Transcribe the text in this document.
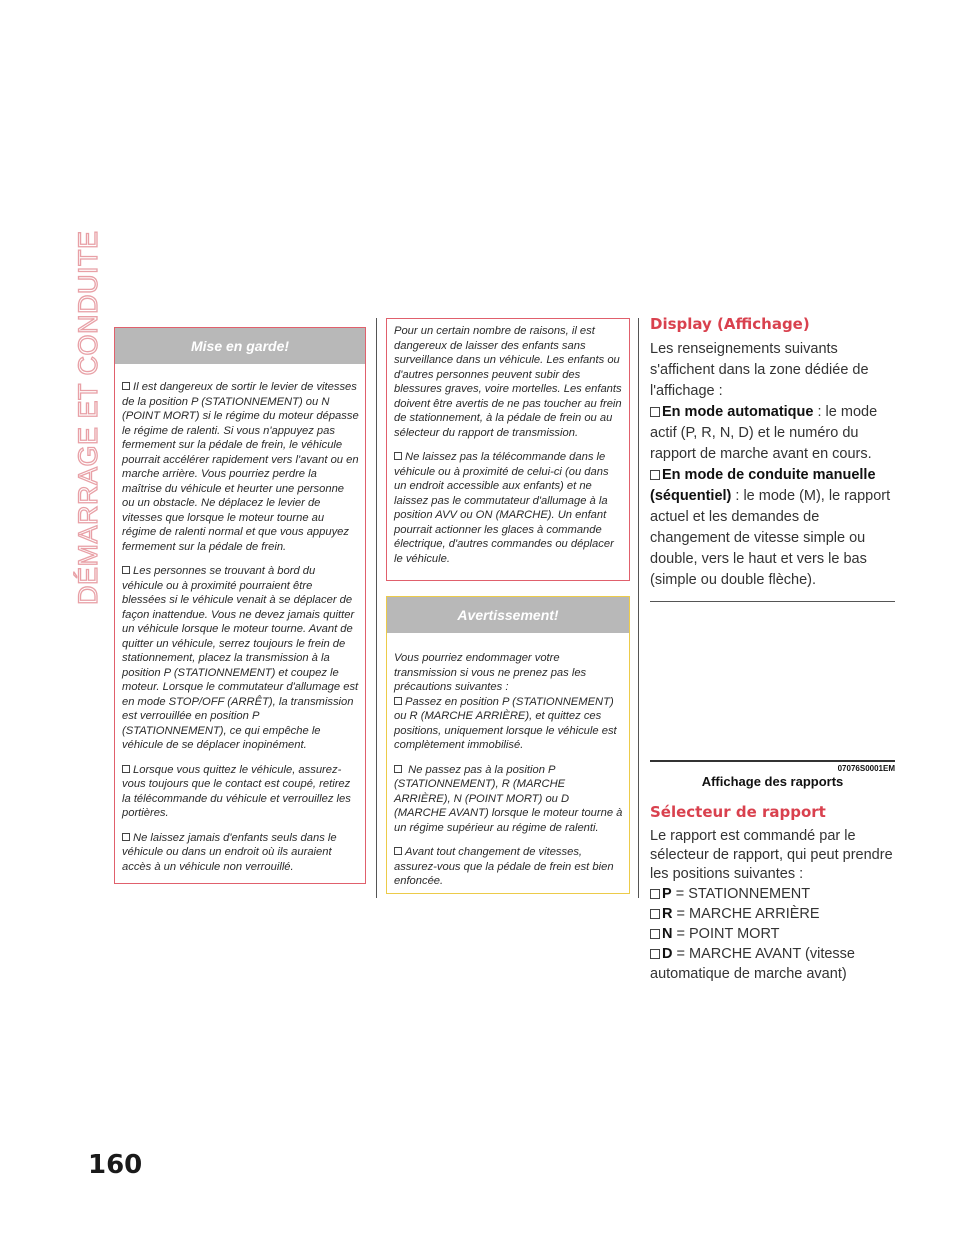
DÉMARRAGE ET CONDUITE
160
Mise en garde!

Il est dangereux de sortir le levier de vitesses de la position P (STATIONNEMENT) ou N (POINT MORT) si le régime du moteur dépasse le régime de ralenti. Si vous n'appuyez pas fermement sur la pédale de frein, le véhicule pourrait accélérer rapidement vers l'avant ou en marche arrière. Vous pourriez perdre la maîtrise du véhicule et heurter une personne ou un obstacle. Ne déplacez le levier de vitesses que lorsque le moteur tourne au régime de ralenti normal et que vous appuyez fermement sur la pédale de frein.

Les personnes se trouvant à bord du véhicule ou à proximité pourraient être blessées si le véhicule venait à se déplacer de façon inattendue. Vous ne devez jamais quitter un véhicule lorsque le moteur tourne. Avant de quitter un véhicule, serrez toujours le frein de stationnement, placez la transmission à la position P (STATIONNEMENT) et coupez le moteur. Lorsque le commutateur d'allumage est en mode STOP/OFF (ARRÊT), la transmission est verrouillée en position P (STATIONNEMENT), ce qui empêche le véhicule de se déplacer inopinément.

Lorsque vous quittez le véhicule, assurez-vous toujours que le contact est coupé, retirez la télécommande du véhicule et verrouillez les portières.

Ne laissez jamais d'enfants seuls dans le véhicule ou dans un endroit où ils auraient accès à un véhicule non verrouillé.

Pour un certain nombre de raisons, il est dangereux de laisser des enfants sans surveillance dans un véhicule. Les enfants ou d'autres personnes peuvent subir des blessures graves, voire mortelles. Les enfants doivent être avertis de ne pas toucher au frein de stationnement, à la pédale de frein ou au sélecteur du rapport de transmission.

Ne laissez pas la télécommande dans le véhicule ou à proximité de celui-ci (ou dans un endroit accessible aux enfants) et ne laissez pas le commutateur d'allumage à la position AVV ou ON (MARCHE). Un enfant pourrait actionner les glaces à commande électrique, d'autres commandes ou déplacer le véhicule.

Avertissement!

Vous pourriez endommager votre transmission si vous ne prenez pas les précautions suivantes :

Passez en position P (STATIONNEMENT) ou R (MARCHE ARRIÈRE), et quittez ces positions, uniquement lorsque le véhicule est complètement immobilisé.

Ne passez pas à la position P (STATIONNEMENT), R (MARCHE ARRIÈRE), N (POINT MORT) ou D (MARCHE AVANT) lorsque le moteur tourne à un régime supérieur au régime de ralenti.

Avant tout changement de vitesses, assurez-vous que la pédale de frein est bien enfoncée.

Display (Affichage)

Les renseignements suivants s'affichent dans la zone dédiée de l'affichage :

En mode automatique : le mode actif (P, R, N, D) et le numéro du rapport de marche avant en cours.

En mode de conduite manuelle (séquentiel) : le mode (M), le rapport actuel et les demandes de changement de vitesse simple ou double, vers le haut et vers le bas (simple ou double flèche).

07076S0001EM
Affichage des rapports
Sélecteur de rapport

Le rapport est commandé par le sélecteur de rapport, qui peut prendre les positions suivantes :

P = STATIONNEMENT
R = MARCHE ARRIÈRE
N = POINT MORT
D = MARCHE AVANT (vitesse automatique de marche avant)
